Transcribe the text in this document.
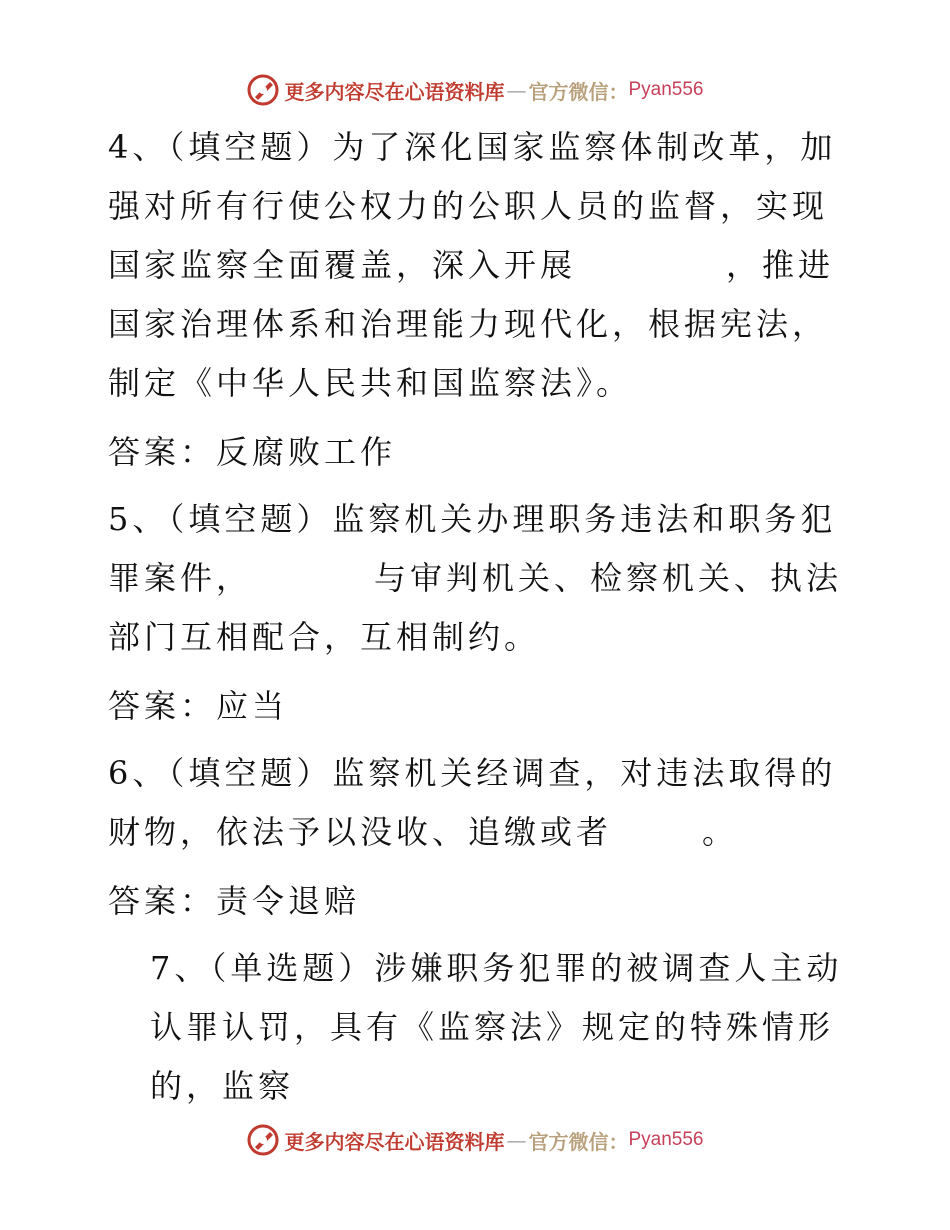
更多内容尽在心语资料库 — 官方微信： Pyan556

4、（填空题）为了深化国家监察体制改革，加强对所有行使公权力的公职人员的监督，实现国家监察全面覆盖，深入开展	，推进国家治理体系和治理能力现代化，根据宪法，制定《中华人民共和国监察法》。

答案：反腐败工作

5、（填空题）监察机关办理职务违法和职务犯罪案件，	与审判机关、检察机关、执法部门互相配合，互相制约。

答案：应当

6、（填空题）监察机关经调查，对违法取得的财物，依法予以没收、追缴或者	。

答案：责令退赔

7、（单选题）涉嫌职务犯罪的被调查人主动认罪认罚，具有《监察法》规定的特殊情形的，监察

更多内容尽在心语资料库 — 官方微信： Pyan556
